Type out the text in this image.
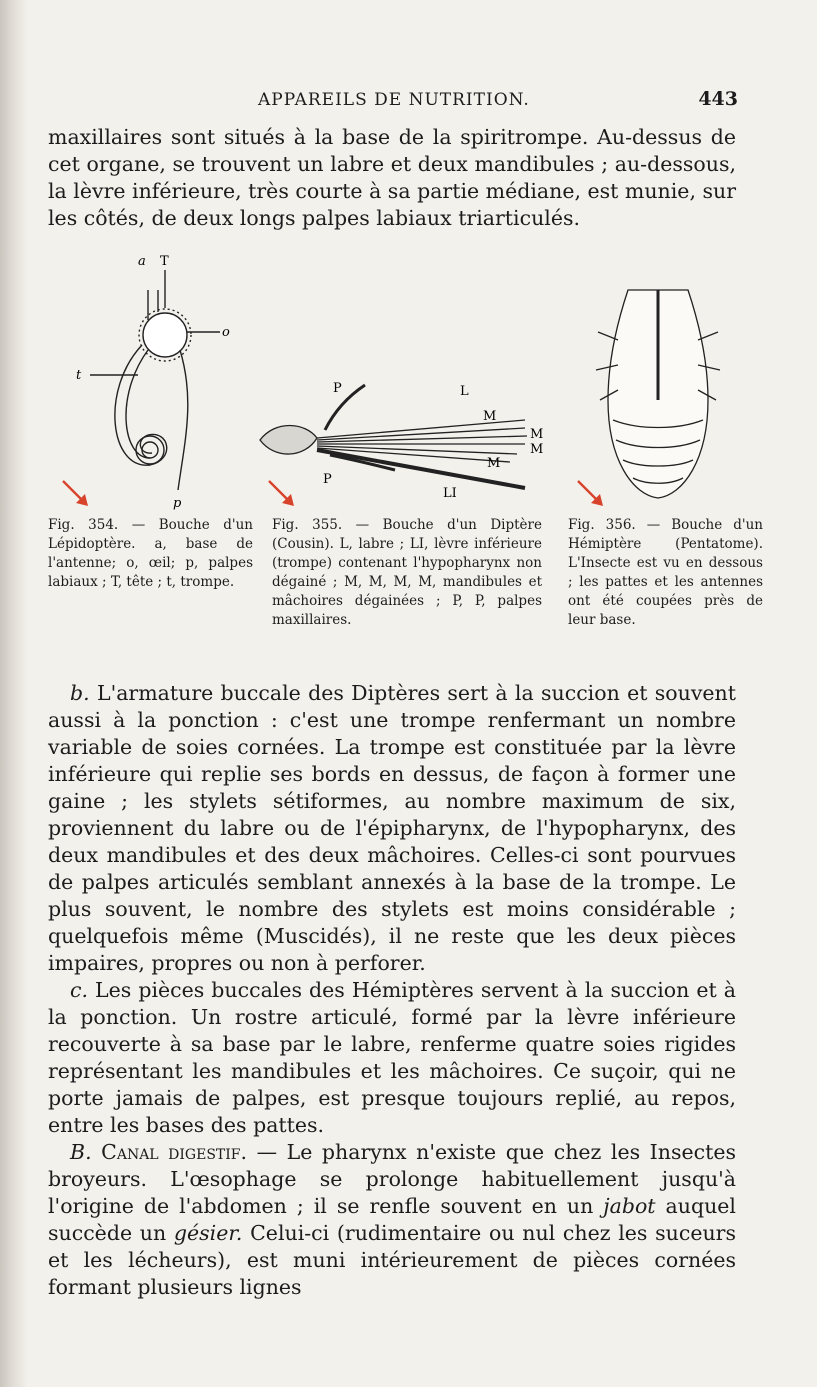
APPAREILS DE NUTRITION.	443

maxillaires sont situés à la base de la spiritrompe. Au-dessus de cet organe, se trouvent un labre et deux mandibules ; au-dessous, la lèvre inférieure, très courte à sa partie médiane, est munie, sur les côtés, de deux longs palpes labiaux triarticulés.

a T
o
t
p
P	L
M
M
M
M
P
LI
Fig. 354. — Bouche d'un Lépidoptère. a, base de l'antenne; o, œil; p, palpes labiaux ; T, tête ; t, trompe.
Fig. 355. — Bouche d'un Diptère (Cousin). L, labre ; LI, lèvre inférieure (trompe) contenant l'hypopharynx non dégainé ; M, M, M, M, mandibules et mâchoires dégainées ; P, P, palpes maxillaires.
Fig. 356. — Bouche d'un Hémiptère (Pentatome). L'Insecte est vu en dessous ; les pattes et les antennes ont été coupées près de leur base.

b. L'armature buccale des Diptères sert à la succion et souvent aussi à la ponction : c'est une trompe renfermant un nombre variable de soies cornées. La trompe est constituée par la lèvre inférieure qui replie ses bords en dessus, de façon à former une gaine ; les stylets sétiformes, au nombre maximum de six, proviennent du labre ou de l'épipharynx, de l'hypopharynx, des deux mandibules et des deux mâchoires. Celles-ci sont pourvues de palpes articulés semblant annexés à la base de la trompe. Le plus souvent, le nombre des stylets est moins considérable ; quelquefois même (Muscidés), il ne reste que les deux pièces impaires, propres ou non à perforer.

c. Les pièces buccales des Hémiptères servent à la succion et à la ponction. Un rostre articulé, formé par la lèvre inférieure recouverte à sa base par le labre, renferme quatre soies rigides représentant les mandibules et les mâchoires. Ce suçoir, qui ne porte jamais de palpes, est presque toujours replié, au repos, entre les bases des pattes.

B. Canal digestif. — Le pharynx n'existe que chez les Insectes broyeurs. L'œsophage se prolonge habituellement jusqu'à l'origine de l'abdomen ; il se renfle souvent en un jabot auquel succède un gésier. Celui-ci (rudimentaire ou nul chez les suceurs et les lécheurs), est muni intérieurement de pièces cornées formant plusieurs lignes
